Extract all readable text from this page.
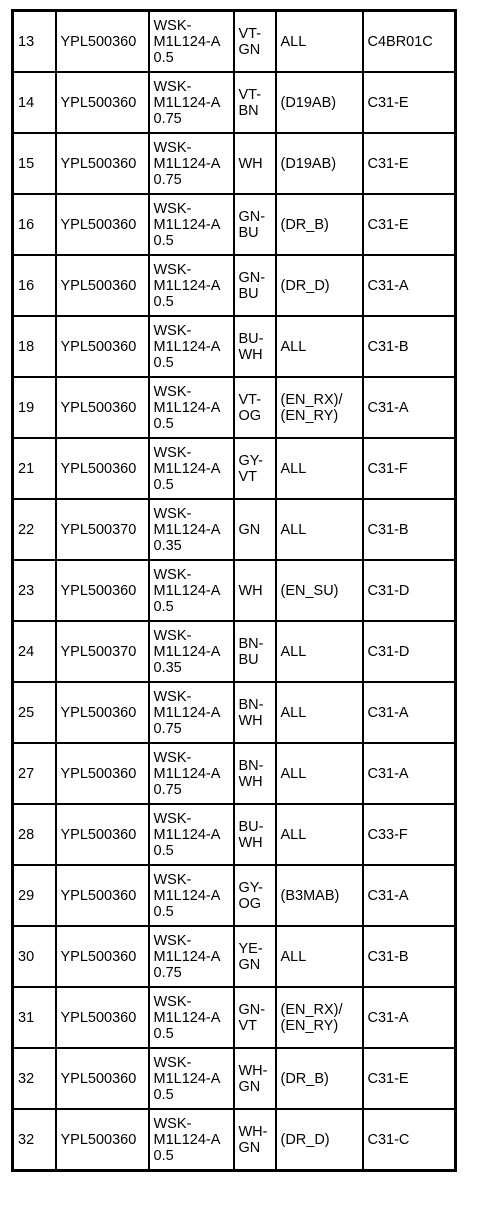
13	YPL500360	WSK-
M1L124-A
0.5	VT-
GN	ALL	C4BR01C
14	YPL500360	WSK-
M1L124-A
0.75	VT-
BN	(D19AB)	C31-E
15	YPL500360	WSK-
M1L124-A
0.75	WH	(D19AB)	C31-E
16	YPL500360	WSK-
M1L124-A
0.5	GN-
BU	(DR_B)	C31-E
16	YPL500360	WSK-
M1L124-A
0.5	GN-
BU	(DR_D)	C31-A
18	YPL500360	WSK-
M1L124-A
0.5	BU-
WH	ALL	C31-B
19	YPL500360	WSK-
M1L124-A
0.5	VT-
OG	(EN_RX)/
(EN_RY)	C31-A
21	YPL500360	WSK-
M1L124-A
0.5	GY-
VT	ALL	C31-F
22	YPL500370	WSK-
M1L124-A
0.35	GN	ALL	C31-B
23	YPL500360	WSK-
M1L124-A
0.5	WH	(EN_SU)	C31-D
24	YPL500370	WSK-
M1L124-A
0.35	BN-
BU	ALL	C31-D
25	YPL500360	WSK-
M1L124-A
0.75	BN-
WH	ALL	C31-A
27	YPL500360	WSK-
M1L124-A
0.75	BN-
WH	ALL	C31-A
28	YPL500360	WSK-
M1L124-A
0.5	BU-
WH	ALL	C33-F
29	YPL500360	WSK-
M1L124-A
0.5	GY-
OG	(B3MAB)	C31-A
30	YPL500360	WSK-
M1L124-A
0.75	YE-
GN	ALL	C31-B
31	YPL500360	WSK-
M1L124-A
0.5	GN-
VT	(EN_RX)/
(EN_RY)	C31-A
32	YPL500360	WSK-
M1L124-A
0.5	WH-
GN	(DR_B)	C31-E
32	YPL500360	WSK-
M1L124-A
0.5	WH-
GN	(DR_D)	C31-C
